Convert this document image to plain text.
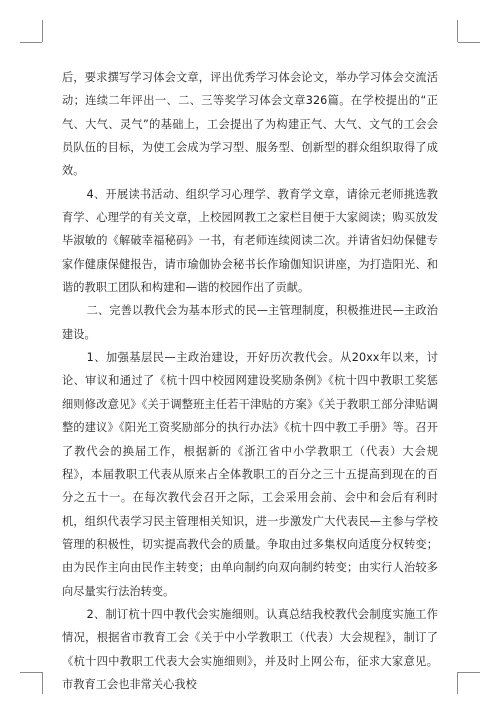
后，要求撰写学习体会文章，评出优秀学习体会论文，举办学习体会交流活动；连续二年评出一、二、三等奖学习体会文章326篇。在学校提出的“正气、大气、灵气”的基础上，工会提出了为构建正气、大气、文气的工会会员队伍的目标，为使工会成为学习型、服务型、创新型的群众组织取得了成效。

4、开展读书活动、组织学习心理学、教育学文章，请徐元老师挑选教育学、心理学的有关文章，上校园网教工之家栏目便于大家阅读；购买放发毕淑敏的《解破幸福秘码》一书，有老师连续阅读二次。并请省妇幼保健专家作健康保健报告，请市瑜伽协会秘书长作瑜伽知识讲座，为打造阳光、和谐的教职工团队和构建和—谐的校园作出了贡献。

二、完善以教代会为基本形式的民—主管理制度，积极推进民—主政治建设。

1、加强基层民—主政治建设，开好历次教代会。从20xx年以来，讨论、审议和通过了《杭十四中校园网建设奖励条例》《杭十四中教职工奖惩细则修改意见》《关于调整班主任若干津贴的方案》《关于教职工部分津贴调整的建议》《阳光工资奖励部分的执行办法》《杭十四中教工手册》等。召开了教代会的换届工作，根据新的《浙江省中小学教职工（代表）大会规程》，本届教职工代表从原来占全体教职工的百分之三十五提高到现在的百分之五十一。在每次教代会召开之际，工会采用会前、会中和会后有利时机，组织代表学习民主管理相关知识，进一步激发广大代表民—主参与学校管理的积极性，切实提高教代会的质量。争取由过多集权向适度分权转变；由为民作主向由民作主转变；由单向制约向双向制约转变；由实行人治较多向尽量实行法治转变。

2、制订杭十四中教代会实施细则。认真总结我校教代会制度实施工作情况，根据省市教育工会《关于中小学教职工（代表）大会规程》，制订了《杭十四中教职工代表大会实施细则》，并及时上网公布，征求大家意见。市教育工会也非常关心我校
